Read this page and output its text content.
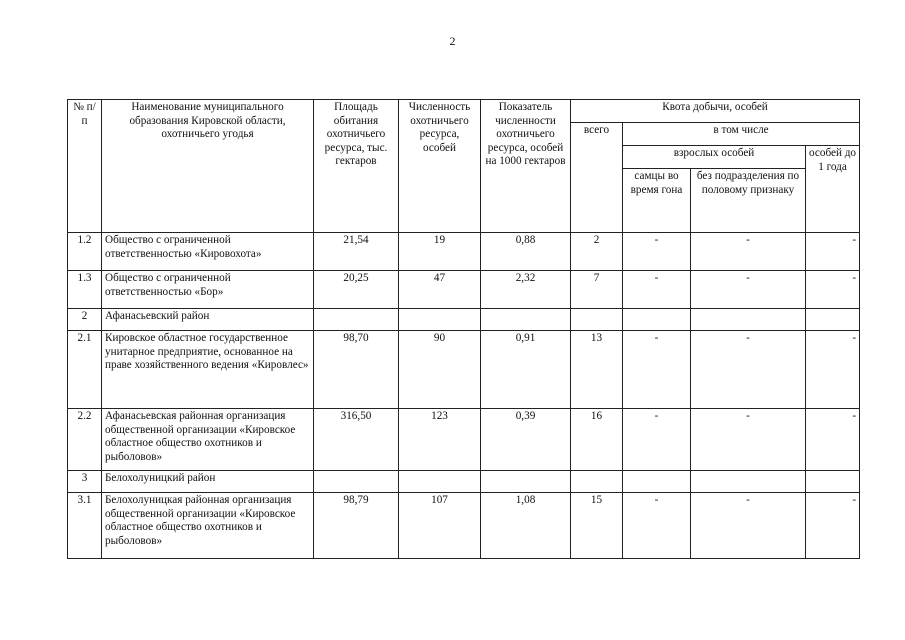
2
№ п/п	Наименование муниципального образования Кировской области, охотничьего угодья	Площадь обитания охотничьего ресурса, тыс. гектаров	Численность охотничьего ресурса, особей	Показатель численности охотничьего ресурса, особей на 1000 гектаров	Квота добычи, особей			
					всего	в том числе		
						взрослых особей		особей до 1 года
						самцы во время гона	без подразделения по половому признаку	
1.2	Общество с ограниченной ответственностью «Кировохота»	21,54	19	0,88	2	-	-	-
1.3	Общество с ограниченной ответственностью «Бор»	20,25	47	2,32	7	-	-	-
2	Афанасьевский район							
2.1	Кировское областное государственное унитарное предприятие, основанное на праве хозяйственного ведения «Кировлес»	98,70	90	0,91	13	-	-	-
2.2	Афанасьевская районная организация общественной организации «Кировское областное общество охотников и рыболовов»	316,50	123	0,39	16	-	-	-
3	Белохолуницкий район							
3.1	Белохолуницкая районная организация общественной организации «Кировское областное общество охотников и рыболовов»	98,79	107	1,08	15	-	-	-
